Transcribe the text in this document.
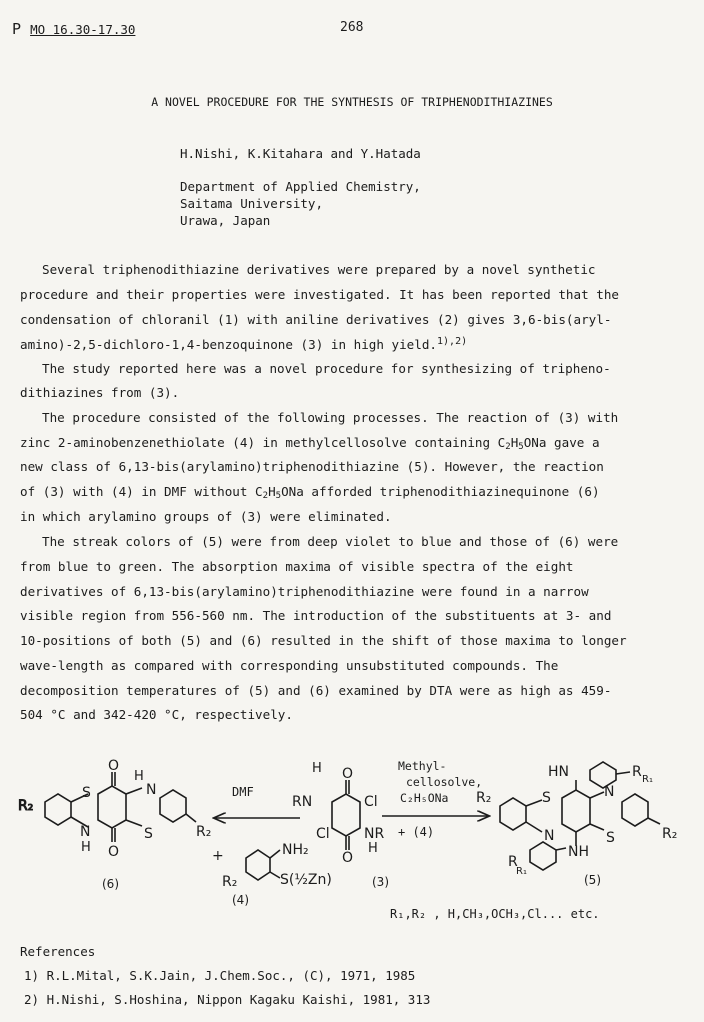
P MO 16.30-17.30	268
A NOVEL PROCEDURE FOR THE SYNTHESIS OF TRIPHENODITHIAZINES
H.Nishi, K.Kitahara and Y.Hatada
Department of Applied Chemistry,
Saitama University,
Urawa, Japan
Several triphenodithiazine derivatives were prepared by a novel synthetic
procedure and their properties were investigated. It has been reported that the
condensation of chloranil (1) with aniline derivatives (2) gives 3,6-bis(aryl-
amino)-2,5-dichloro-1,4-benzoquinone (3) in high yield.$^{1),2)}$
The study reported here was a novel procedure for synthesizing of tripheno-
dithiazines from (3).
The procedure consisted of the following processes. The reaction of (3) with
zinc 2-aminobenzenethiolate (4) in methylcellosolve containing $C_2H_5ONa$ gave a
new class of 6,13-bis(arylamino)triphenodithiazine (5). However, the reaction
of (3) with (4) in DMF without $C_2H_5ONa$ afforded triphenodithiazinequinone (6)
in which arylamino groups of (3) were eliminated.
The streak colors of (5) were from deep violet to blue and those of (6) were
from blue to green. The absorption maxima of visible spectra of the eight
derivatives of 6,13-bis(arylamino)triphenodithiazine were found in a narrow
visible region from 556-560 nm. The introduction of the substituents at 3- and
10-positions of both (5) and (6) resulted in the shift of those maxima to longer
wave-length as compared with corresponding unsubstituted compounds. The
decomposition temperatures of (5) and (6) examined by DTA were as high as 459-
504 °C and 342-420 °C, respectively.
R₂
S
N
H
O
O
N
H
S	R₂
(6)
DMF
+	NH₂
S(½Zn)
R₂
(4)
H
RN
O
Cl
Cl NR
H
O
(3)
+ (4)
Methyl-
cellosolve,
C₂H₅ONa
HN	R R₁
R₂	S	N
N	S	R₂
NH
R
R₁
(5)
R₁,R₂ , H,CH₃,OCH₃,Cl... etc.
References
1) R.L.Mital, S.K.Jain, J.Chem.Soc., (C), 1971, 1985
2) H.Nishi, S.Hoshina, Nippon Kagaku Kaishi, 1981, 313
